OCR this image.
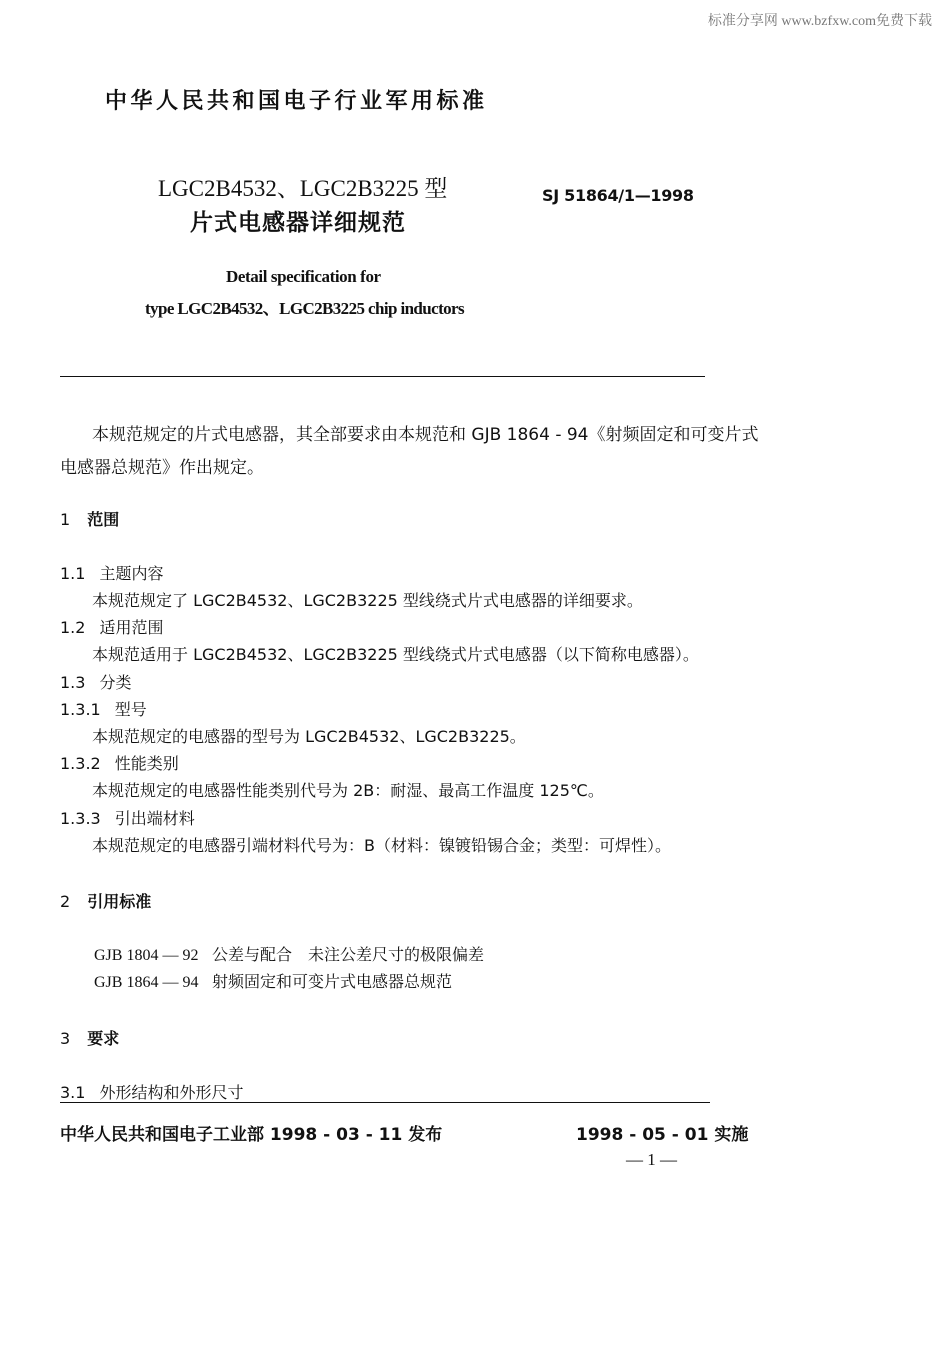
标准分享网 www.bzfxw.com免费下载
中华人民共和国电子行业军用标准
LGC2B4532、LGC2B3225 型
片式电感器详细规范
SJ 51864/1—1998
Detail specification for
type LGC2B4532、LGC2B3225 chip inductors
本规范规定的片式电感器，其全部要求由本规范和 GJB 1864 - 94《射频固定和可变片式
电感器总规范》作出规定。
1 范围
1.1 主题内容
本规范规定了 LGC2B4532、LGC2B3225 型线绕式片式电感器的详细要求。
1.2 适用范围
本规范适用于 LGC2B4532、LGC2B3225 型线绕式片式电感器（以下简称电感器）。
1.3 分类
1.3.1 型号
本规范规定的电感器的型号为 LGC2B4532、LGC2B3225。
1.3.2 性能类别
本规范规定的电感器性能类别代号为 2B：耐湿、最高工作温度 125℃。
1.3.3 引出端材料
本规范规定的电感器引端材料代号为：B（材料：镍镀铅锡合金；类型：可焊性）。
2 引用标准
GJB 1804 — 92 公差与配合　未注公差尺寸的极限偏差
GJB 1864 — 94 射频固定和可变片式电感器总规范
3 要求
3.1 外形结构和外形尺寸
中华人民共和国电子工业部 1998 - 03 - 11 发布	1998 - 05 - 01 实施
— 1 —
